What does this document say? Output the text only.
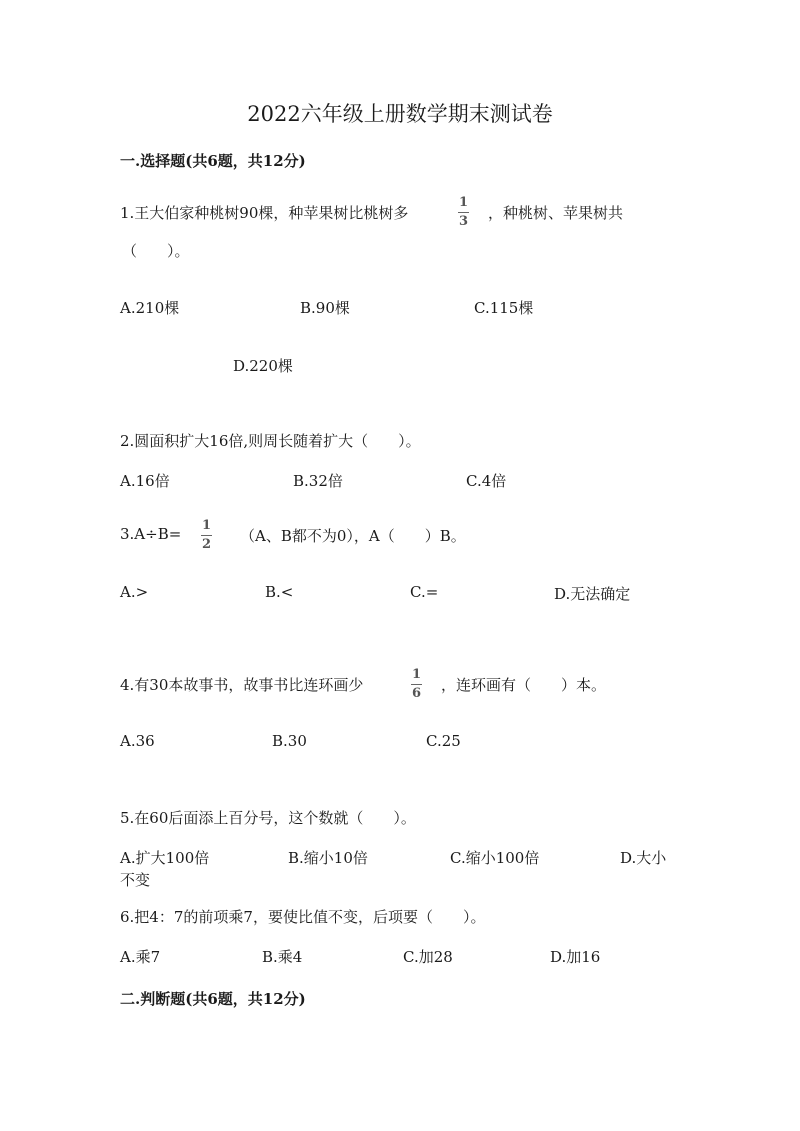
2022六年级上册数学期末测试卷
一.选择题(共6题，共12分)
1.王大伯家种桃树90棵，种苹果树比桃树多
1
3 ，种桃树、苹果树共
（　　）。
A.210棵	B.90棵	C.115棵
D.220棵
2.圆面积扩大16倍,则周长随着扩大（　　）。
A.16倍	B.32倍	C.4倍
3.A÷B= 1
2 （A、B都不为0），A（　　）B。
A.>	B.<	C.=	D.无法确定
4.有30本故事书，故事书比连环画少
1
6 ，连环画有（　　）本。
A.36	B.30	C.25
5.在60后面添上百分号，这个数就（　　）。
A.扩大100倍	B.缩小10倍	C.缩小100倍	D.大小
不变
6.把4：7的前项乘7，要使比值不变，后项要（　　）。
A.乘7	B.乘4	C.加28	D.加16
二.判断题(共6题，共12分)
